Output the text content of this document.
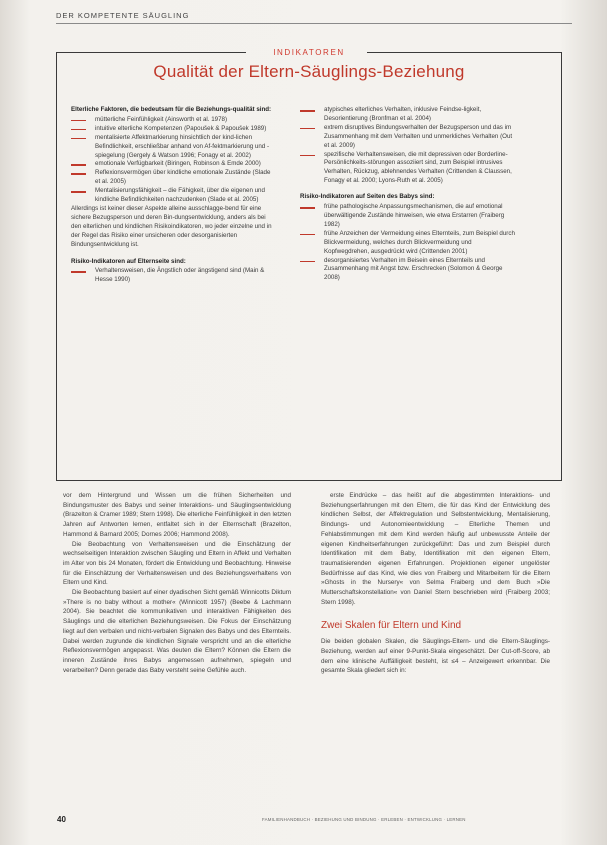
DER KOMPETENTE SÄUGLING
INDIKATOREN
Qualität der Eltern-Säuglings-Beziehung

Elterliche Faktoren, die bedeutsam für die Beziehungs-qualität sind:

mütterliche Feinfühligkeit (Ainsworth et al. 1978)
intuitive elterliche Kompetenzen (Papoušek & Papoušek 1989)
mentalisierte Affektmarkierung hinsichtlich der kind-lichen Befindlichkeit, erschließbar anhand von Af-fektmarkierung und -spiegelung (Gergely & Watson 1996; Fonagy et al. 2002)
emotionale Verfügbarkeit (Biringen, Robinson & Emde 2000)
Reflexionsvermögen über kindliche emotionale Zustände (Slade et al. 2005)
Mentalisierungsfähigkeit – die Fähigkeit, über die eigenen und kindliche Befindlichkeiten nachzudenken (Slade et al. 2005)

Allerdings ist keiner dieser Aspekte alleine ausschlagge-bend für eine sichere Bezugsperson und deren Bin-dungsentwicklung, anders als bei den elterlichen und kindlichen Risikoindikatoren, wo jeder einzelne und in der Regel das Risiko einer unsicheren oder desorganisierten Bindungsentwicklung ist.

Risiko-Indikatoren auf Elternseite sind:

Verhaltensweisen, die Ängstlich oder ängstigend sind (Main & Hesse 1990)
atypisches elterliches Verhalten, inklusive Feindse-ligkeit, Desorientierung (Bronfman et al. 2004)
extrem disruptives Bindungsverhalten der Bezugsperson und das im Zusammenhang mit dem Verhalten und unmerkliches Verhalten (Out et al. 2009)
spezifische Verhaltensweisen, die mit depressiven oder Borderline-Persönlichkeits-störungen assoziiert sind, zum Beispiel intrusives Verhalten, Rückzug, ablehnendes Verhalten (Crittenden & Claussen, Fonagy et al. 2000; Lyons-Ruth et al. 2005)

Risiko-Indikatoren auf Seiten des Babys sind:

frühe pathologische Anpassungsmechanismen, die auf emotional überwältigende Zustände hinweisen, wie etwa Erstarren (Fraiberg 1982)
frühe Anzeichen der Vermeidung eines Elternteils, zum Beispiel durch Blickvermeidung, welches durch Blickvermeidung und Kopfwegdrehen, ausgedrückt wird (Crittenden 2001)
desorganisiertes Verhalten im Beisein eines Elternteils und Zusammenhang mit Angst bzw. Erschrecken (Solomon & George 2008)

vor dem Hintergrund und Wissen um die frühen Sicherheiten und Bindungsmuster des Babys und seiner Interaktions- und Säuglingsentwicklung (Brazelton & Cramer 1989; Stern 1998). Die elterliche Feinfühligkeit in den letzten Jahren auf Antworten lernen, entfaltet sich in der Elternschaft (Brazelton, Hammond & Barnard 2005; Dornes 2006; Hammond 2008).

Die Beobachtung von Verhaltensweisen und die Einschätzung der wechselseitigen Interaktion zwischen Säugling und Eltern in Affekt und Verhalten im Alter von bis 24 Monaten, fördert die Entwicklung und Beobachtung. Hinweise für die Einschätzung der Verhaltensweisen und des Beziehungsverhaltens von Eltern und Kind.

Die Beobachtung basiert auf einer dyadischen Sicht gemäß Winnicotts Diktum »There is no baby without a mother« (Winnicott 1957) (Beebe & Lachmann 2004). Sie beachtet die kommunikativen und interaktiven Fähigkeiten des Säuglings und die elterlichen Beziehungsweisen. Die Fokus der Einschätzung liegt auf den verbalen und nicht-verbalen Signalen des Babys und des Elternteils. Dabei werden zugrunde die kindlichen Signale verspricht und an die elterliche Reflexionsvermögen angepasst. Was deuten die Eltern? Können die Eltern die inneren Zustände ihres Babys angemessen aufnehmen, spiegeln und verarbeiten? Denn gerade das Baby versteht seine Gefühle auch.

erste Eindrücke – das heißt auf die abgestimmten Interaktions- und Beziehungserfahrungen mit den Eltern, die für das Kind der Entwicklung des kindlichen Selbst, der Affektregulation und Selbstentwicklung, Mentalisierung, Bindungs- und Autonomieentwicklung – Elterliche Themen und Fehlabstimmungen mit dem Kind werden häufig auf unbewusste Anteile der eigenen Kindheitserfahrungen zurückgeführt: Das und zum Beispiel durch Identifikation mit dem Baby, Identifikation mit den eigenen Eltern, traumatisierenden eigenen Erfahrungen. Projektionen eigener ungelöster Bedürfnisse auf das Kind, wie dies von Fraiberg und Mitarbeitern für die Eltern »Ghosts in the Nursery« von Selma Fraiberg und dem Buch »Die Mutterschaftskonstellation« von Daniel Stern beschrieben wird (Fraiberg 2003; Stern 1998).

Zwei Skalen für Eltern und Kind

Die beiden globalen Skalen, die Säuglings-Eltern- und die Eltern-Säuglings-Beziehung, werden auf einer 9-Punkt-Skala eingeschätzt. Der Cut-off-Score, ab dem eine klinische Auffälligkeit besteht, ist ≤4 – Anzeigewert erkennbar. Die gesamte Skala gliedert sich in:

40	FAMILIENHANDBUCH · BEZIEHUNG UND BINDUNG · ERLEBEN · ENTWICKLUNG · LERNEN
